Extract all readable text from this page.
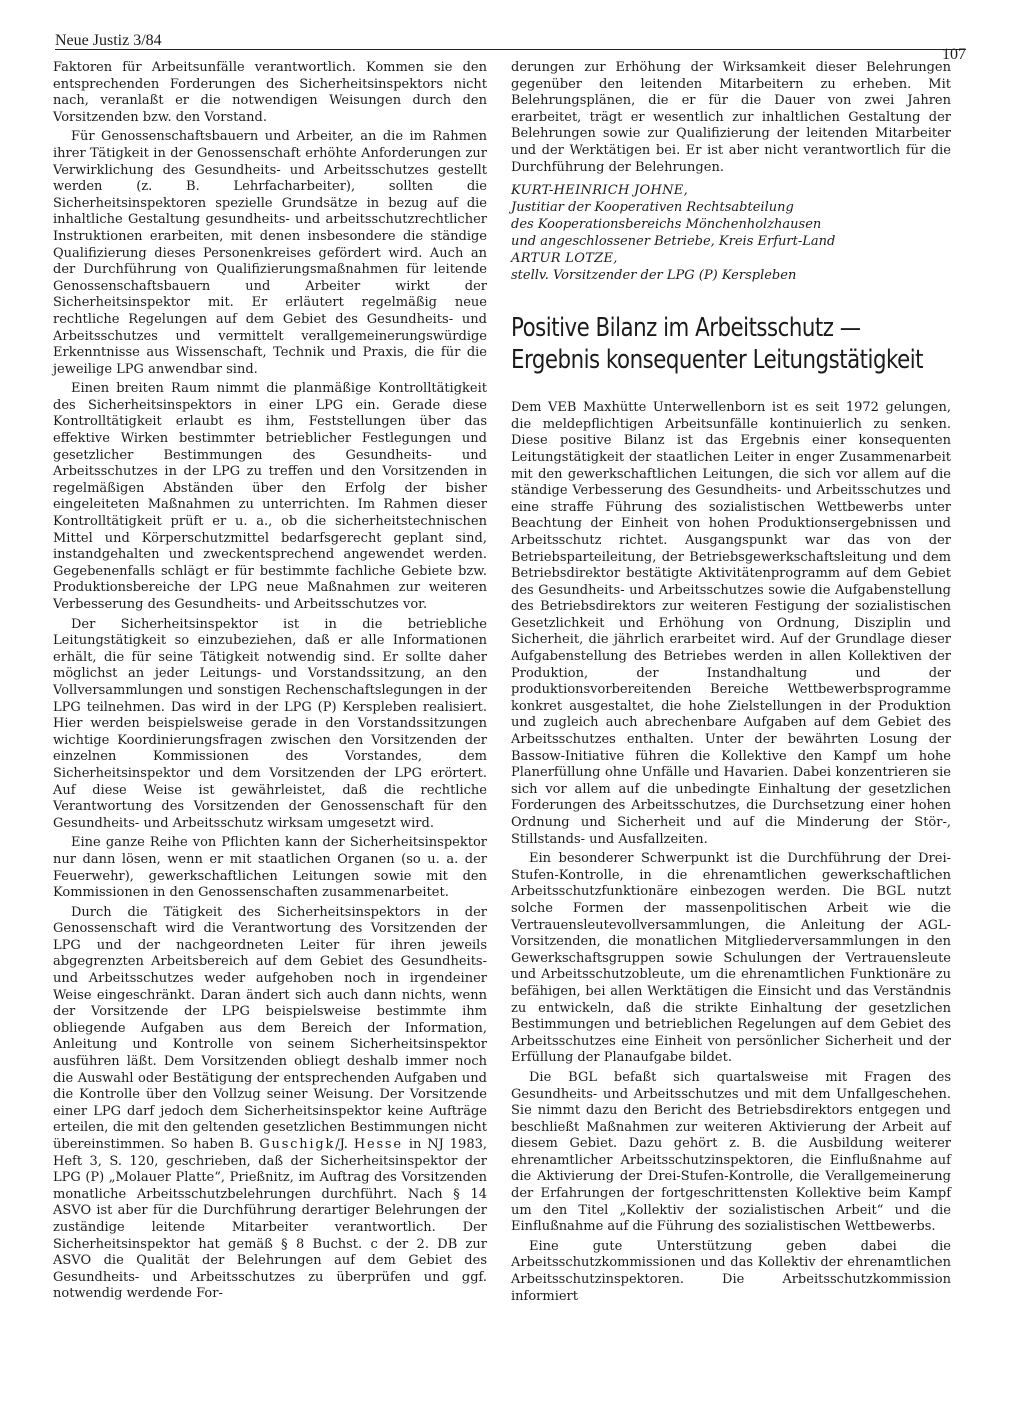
Neue Justiz 3/84
107

Faktoren für Arbeitsunfälle verantwortlich. Kommen sie den entsprechenden Forderungen des Sicherheitsinspektors nicht nach, veranlaßt er die notwendigen Weisungen durch den Vorsitzenden bzw. den Vorstand.

Für Genossenschaftsbauern und Arbeiter, an die im Rahmen ihrer Tätigkeit in der Genossenschaft erhöhte Anforderungen zur Verwirklichung des Gesundheits- und Arbeitsschutzes gestellt werden (z. B. Lehrfacharbeiter), sollten die Sicherheitsinspektoren spezielle Grundsätze in bezug auf die inhaltliche Gestaltung gesundheits- und arbeitsschutzrechtlicher Instruktionen erarbeiten, mit denen insbesondere die ständige Qualifizierung dieses Personenkreises gefördert wird. Auch an der Durchführung von Qualifizierungsmaßnahmen für leitende Genossenschaftsbauern und Arbeiter wirkt der Sicherheitsinspektor mit. Er erläutert regelmäßig neue rechtliche Regelungen auf dem Gebiet des Gesundheits- und Arbeitsschutzes und vermittelt verallgemeinerungswürdige Erkenntnisse aus Wissenschaft, Technik und Praxis, die für die jeweilige LPG anwendbar sind.

Einen breiten Raum nimmt die planmäßige Kontrolltätigkeit des Sicherheitsinspektors in einer LPG ein. Gerade diese Kontrolltätigkeit erlaubt es ihm, Feststellungen über das effektive Wirken bestimmter betrieblicher Festlegungen und gesetzlicher Bestimmungen des Gesundheits- und Arbeitsschutzes in der LPG zu treffen und den Vorsitzenden in regelmäßigen Abständen über den Erfolg der bisher eingeleiteten Maßnahmen zu unterrichten. Im Rahmen dieser Kontrolltätigkeit prüft er u. a., ob die sicherheitstechnischen Mittel und Körperschutzmittel bedarfsgerecht geplant sind, instandgehalten und zweckentsprechend angewendet werden. Gegebenenfalls schlägt er für bestimmte fachliche Gebiete bzw. Produktionsbereiche der LPG neue Maßnahmen zur weiteren Verbesserung des Gesundheits- und Arbeitsschutzes vor.

Der Sicherheitsinspektor ist in die betriebliche Leitungstätigkeit so einzubeziehen, daß er alle Informationen erhält, die für seine Tätigkeit notwendig sind. Er sollte daher möglichst an jeder Leitungs- und Vorstandssitzung, an den Vollversammlungen und sonstigen Rechenschaftslegungen in der LPG teilnehmen. Das wird in der LPG (P) Kerspleben realisiert. Hier werden beispielsweise gerade in den Vorstandssitzungen wichtige Koordinierungsfragen zwischen den Vorsitzenden der einzelnen Kommissionen des Vorstandes, dem Sicherheitsinspektor und dem Vorsitzenden der LPG erörtert. Auf diese Weise ist gewährleistet, daß die rechtliche Verantwortung des Vorsitzenden der Genossenschaft für den Gesundheits- und Arbeitsschutz wirksam umgesetzt wird.

Eine ganze Reihe von Pflichten kann der Sicherheitsinspektor nur dann lösen, wenn er mit staatlichen Organen (so u. a. der Feuerwehr), gewerkschaftlichen Leitungen sowie mit den Kommissionen in den Genossenschaften zusammenarbeitet.

Durch die Tätigkeit des Sicherheitsinspektors in der Genossenschaft wird die Verantwortung des Vorsitzenden der LPG und der nachgeordneten Leiter für ihren jeweils abgegrenzten Arbeitsbereich auf dem Gebiet des Gesundheits- und Arbeitsschutzes weder aufgehoben noch in irgendeiner Weise eingeschränkt. Daran ändert sich auch dann nichts, wenn der Vorsitzende der LPG beispielsweise bestimmte ihm obliegende Aufgaben aus dem Bereich der Information, Anleitung und Kontrolle von seinem Sicherheitsinspektor ausführen läßt. Dem Vorsitzenden obliegt deshalb immer noch die Auswahl oder Bestätigung der entsprechenden Aufgaben und die Kontrolle über den Vollzug seiner Weisung. Der Vorsitzende einer LPG darf jedoch dem Sicherheitsinspektor keine Aufträge erteilen, die mit den geltenden gesetzlichen Bestimmungen nicht übereinstimmen. So haben B. Guschigk/J. Hesse in NJ 1983, Heft 3, S. 120, geschrieben, daß der Sicherheitsinspektor der LPG (P) „Molauer Platte“, Prießnitz, im Auftrag des Vorsitzenden monatliche Arbeitsschutzbelehrungen durchführt. Nach § 14 ASVO ist aber für die Durchführung derartiger Belehrungen der zuständige leitende Mitarbeiter verantwortlich. Der Sicherheitsinspektor hat gemäß § 8 Buchst. c der 2. DB zur ASVO die Qualität der Belehrungen auf dem Gebiet des Gesundheits- und Arbeitsschutzes zu überprüfen und ggf. notwendig werdende For-

derungen zur Erhöhung der Wirksamkeit dieser Belehrungen gegenüber den leitenden Mitarbeitern zu erheben. Mit Belehrungsplänen, die er für die Dauer von zwei Jahren erarbeitet, trägt er wesentlich zur inhaltlichen Gestaltung der Belehrungen sowie zur Qualifizierung der leitenden Mitarbeiter und der Werktätigen bei. Er ist aber nicht verantwortlich für die Durchführung der Belehrungen.

KURT-HEINRICH JOHNE,
Justitiar der Kooperativen Rechtsabteilung
des Kooperationsbereichs Mönchenholzhausen
und angeschlossener Betriebe, Kreis Erfurt-Land
ARTUR LOTZE,
stellv. Vorsitzender der LPG (P) Kerspleben
Positive Bilanz im Arbeitsschutz —
Ergebnis konsequenter Leitungstätigkeit

Dem VEB Maxhütte Unterwellenborn ist es seit 1972 gelungen, die meldepflichtigen Arbeitsunfälle kontinuierlich zu senken. Diese positive Bilanz ist das Ergebnis einer konsequenten Leitungstätigkeit der staatlichen Leiter in enger Zusammenarbeit mit den gewerkschaftlichen Leitungen, die sich vor allem auf die ständige Verbesserung des Gesundheits- und Arbeitsschutzes und eine straffe Führung des sozialistischen Wettbewerbs unter Beachtung der Einheit von hohen Produktionsergebnissen und Arbeitsschutz richtet. Ausgangspunkt war das von der Betriebsparteileitung, der Betriebsgewerkschaftsleitung und dem Betriebsdirektor bestätigte Aktivitätenprogramm auf dem Gebiet des Gesundheits- und Arbeitsschutzes sowie die Aufgabenstellung des Betriebsdirektors zur weiteren Festigung der sozialistischen Gesetzlichkeit und Erhöhung von Ordnung, Disziplin und Sicherheit, die jährlich erarbeitet wird. Auf der Grundlage dieser Aufgabenstellung des Betriebes werden in allen Kollektiven der Produktion, der Instandhaltung und der produktionsvorbereitenden Bereiche Wettbewerbsprogramme konkret ausgestaltet, die hohe Zielstellungen in der Produktion und zugleich auch abrechenbare Aufgaben auf dem Gebiet des Arbeitsschutzes enthalten. Unter der bewährten Losung der Bassow-Initiative führen die Kollektive den Kampf um hohe Planerfüllung ohne Unfälle und Havarien. Dabei konzentrieren sie sich vor allem auf die unbedingte Einhaltung der gesetzlichen Forderungen des Arbeitsschutzes, die Durchsetzung einer hohen Ordnung und Sicherheit und auf die Minderung der Stör-, Stillstands- und Ausfallzeiten.

Ein besonderer Schwerpunkt ist die Durchführung der Drei-Stufen-Kontrolle, in die ehrenamtlichen gewerkschaftlichen Arbeitsschutzfunktionäre einbezogen werden. Die BGL nutzt solche Formen der massenpolitischen Arbeit wie die Vertrauensleutevollversammlungen, die Anleitung der AGL-Vorsitzenden, die monatlichen Mitgliederversammlungen in den Gewerkschaftsgruppen sowie Schulungen der Vertrauensleute und Arbeitsschutzobleute, um die ehrenamtlichen Funktionäre zu befähigen, bei allen Werktätigen die Einsicht und das Verständnis zu entwickeln, daß die strikte Einhaltung der gesetzlichen Bestimmungen und betrieblichen Regelungen auf dem Gebiet des Arbeitsschutzes eine Einheit von persönlicher Sicherheit und der Erfüllung der Planaufgabe bildet.

Die BGL befaßt sich quartalsweise mit Fragen des Gesundheits- und Arbeitsschutzes und mit dem Unfallgeschehen. Sie nimmt dazu den Bericht des Betriebsdirektors entgegen und beschließt Maßnahmen zur weiteren Aktivierung der Arbeit auf diesem Gebiet. Dazu gehört z. B. die Ausbildung weiterer ehrenamtlicher Arbeitsschutzinspektoren, die Einflußnahme auf die Aktivierung der Drei-Stufen-Kontrolle, die Verallgemeinerung der Erfahrungen der fortgeschrittensten Kollektive beim Kampf um den Titel „Kollektiv der sozialistischen Arbeit“ und die Einflußnahme auf die Führung des sozialistischen Wettbewerbs.

Eine gute Unterstützung geben dabei die Arbeitsschutzkommissionen und das Kollektiv der ehrenamtlichen Arbeitsschutzinspektoren. Die Arbeitsschutzkommission informiert
